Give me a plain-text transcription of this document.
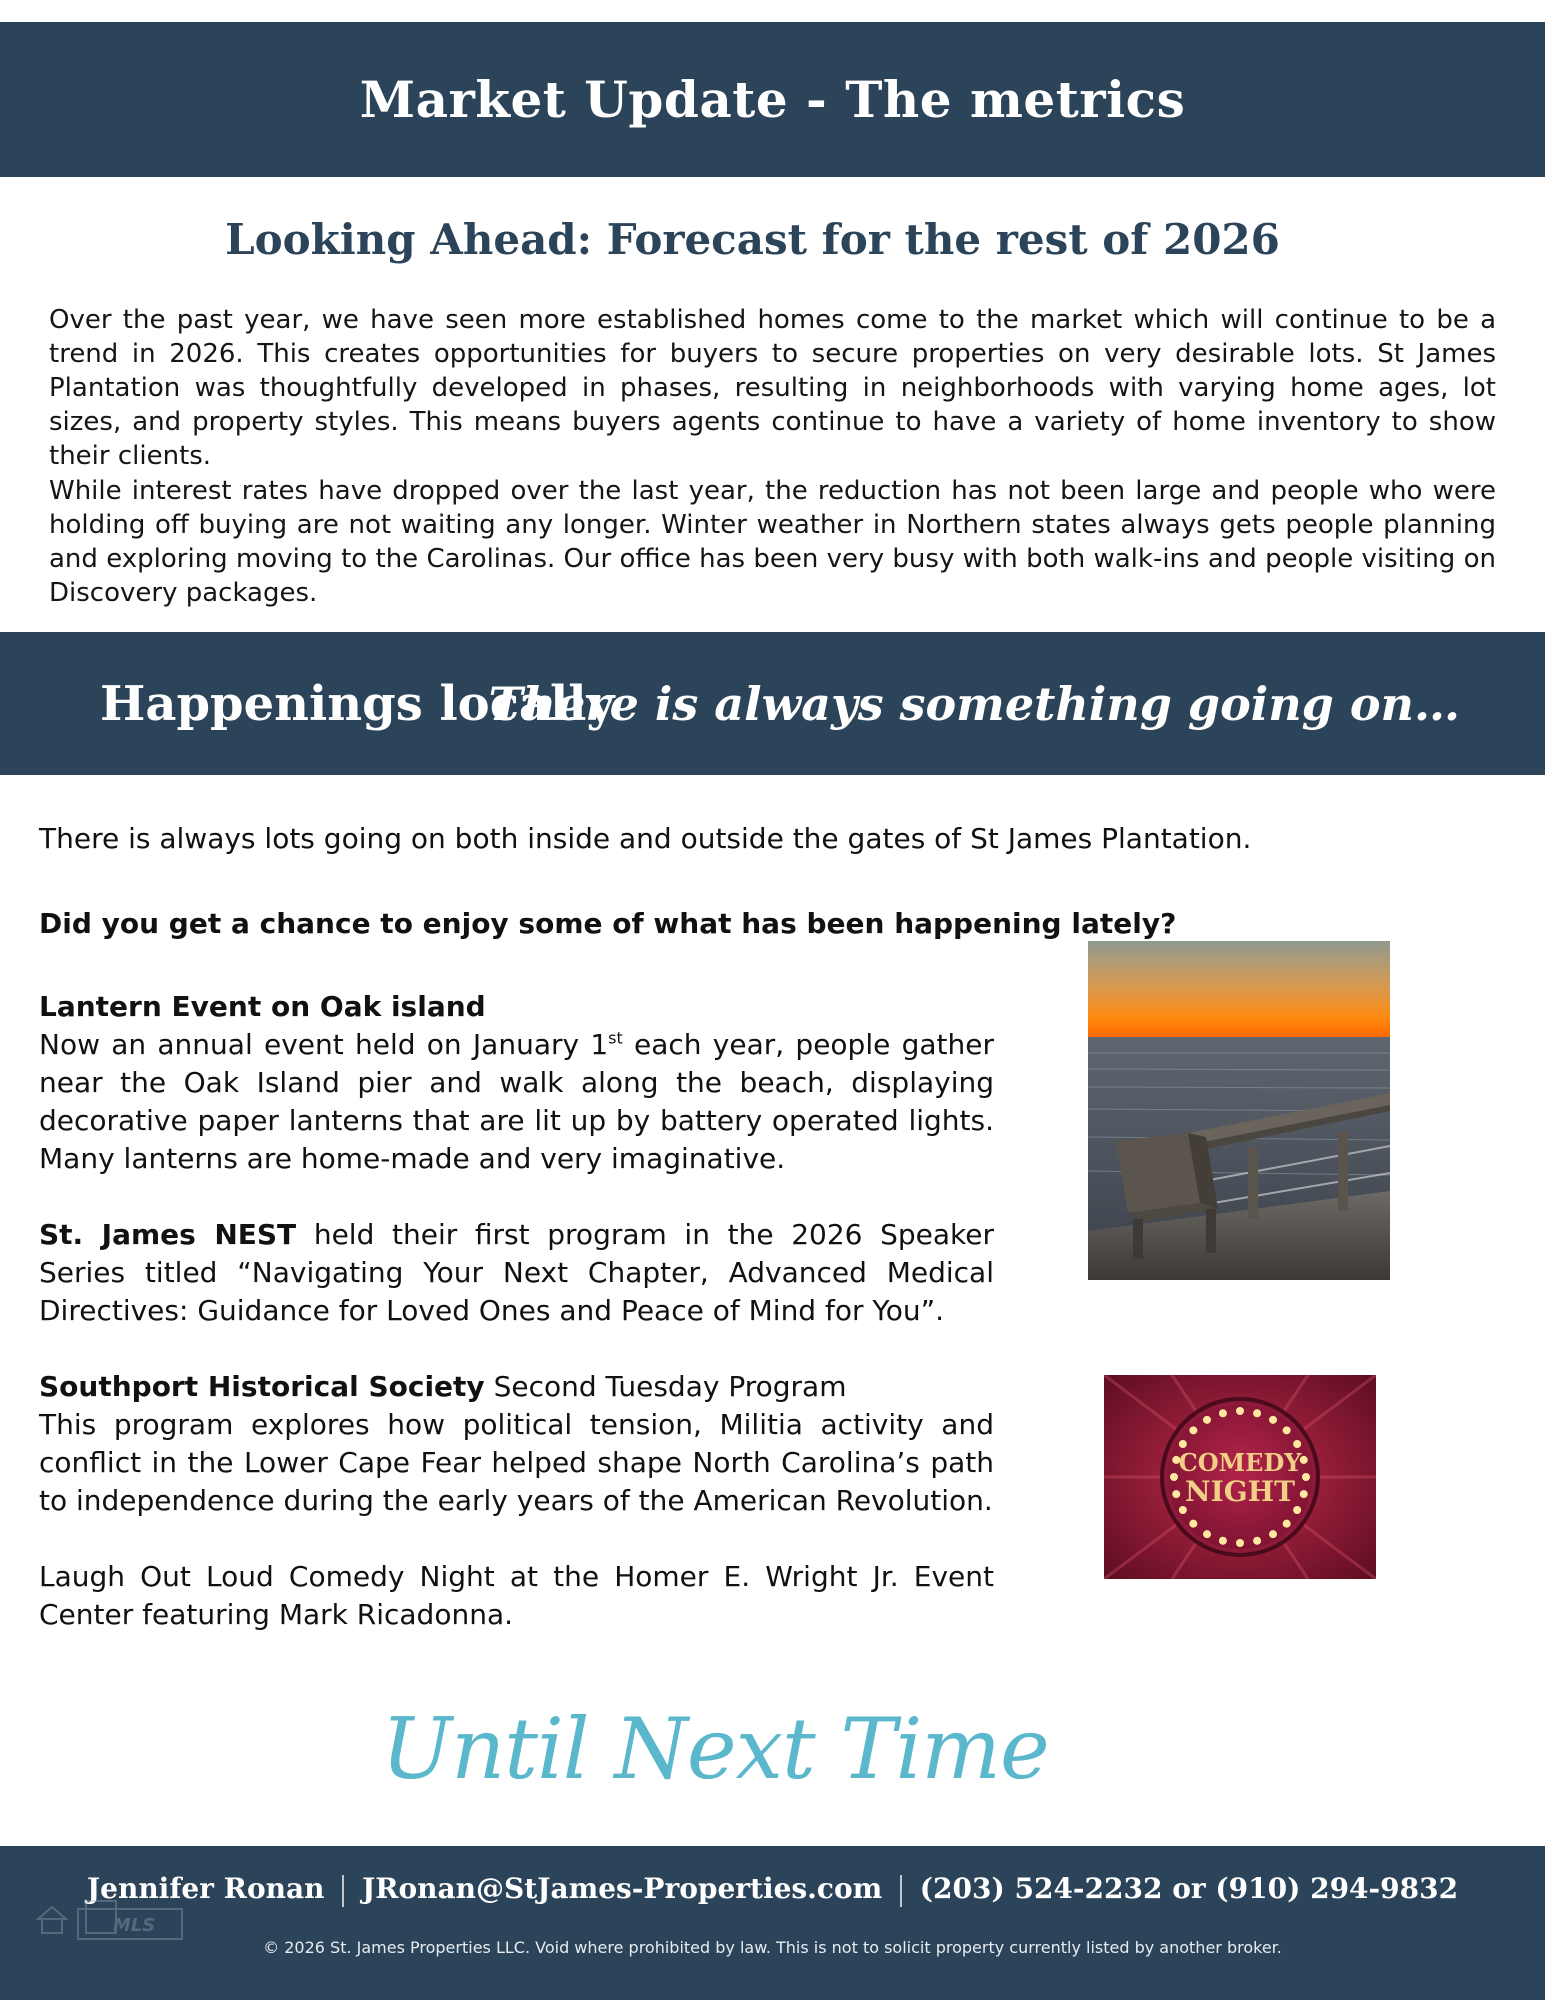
Market Update - The metrics
Looking Ahead: Forecast for the rest of 2026

Over the past year, we have seen more established homes come to the market which will continue to be a trend in 2026. This creates opportunities for buyers to secure properties on very desirable lots. St James Plantation was thoughtfully developed in phases, resulting in neighborhoods with varying home ages, lot sizes, and property styles. This means buyers agents continue to have a variety of home inventory to show their clients.

While interest rates have dropped over the last year, the reduction has not been large and people who were holding off buying are not waiting any longer. Winter weather in Northern states always gets people planning and exploring moving to the Carolinas. Our office has been very busy with both walk-ins and people visiting on Discovery packages.

Happenings locally
There is always something going on…

There is always lots going on both inside and outside the gates of St James Plantation.

Did you get a chance to enjoy some of what has been happening lately?

Lantern Event on Oak island
Now an annual event held on January 1st each year, people gather near the Oak Island pier and walk along the beach, displaying decorative paper lanterns that are lit up by battery operated lights. Many lanterns are home-made and very imaginative.
St. James NEST held their first program in the 2026 Speaker Series titled “Navigating Your Next Chapter, Advanced Medical Directives: Guidance for Loved Ones and Peace of Mind for You”.
Southport Historical Society Second Tuesday Program
This program explores how political tension, Militia activity and conflict in the Lower Cape Fear helped shape North Carolina’s path to independence during the early years of the American Revolution.
Laugh Out Loud Comedy Night at the Homer E. Wright Jr. Event Center featuring Mark Ricadonna.
COMEDY
NIGHT
Until Next Time
Jennifer Ronan JRonan@StJames-Properties.com (203) 524-2232 or (910) 294-9832
© 2026 St. James Properties LLC. Void where prohibited by law. This is not to solicit property currently listed by another broker.
MLS
